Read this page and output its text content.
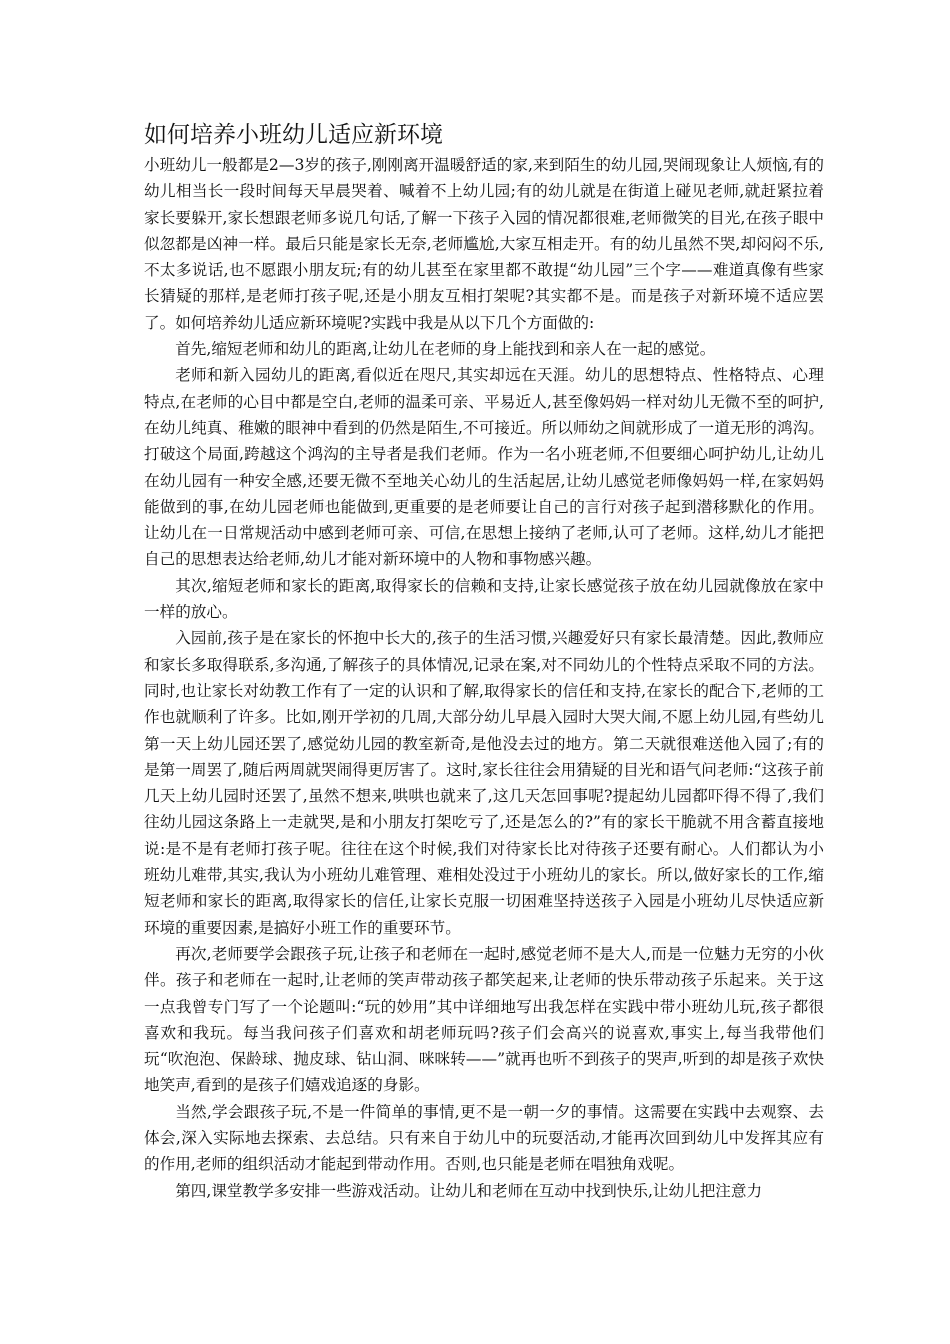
如何培养小班幼儿适应新环境

小班幼儿一般都是2—3岁的孩子,刚刚离开温暖舒适的家,来到陌生的幼儿园,哭闹现象让人烦恼,有的幼儿相当长一段时间每天早晨哭着、喊着不上幼儿园;有的幼儿就是在街道上碰见老师,就赶紧拉着家长要躲开,家长想跟老师多说几句话,了解一下孩子入园的情况都很难,老师微笑的目光,在孩子眼中似忽都是凶神一样。最后只能是家长无奈,老师尴尬,大家互相走开。有的幼儿虽然不哭,却闷闷不乐,不太多说话,也不愿跟小朋友玩;有的幼儿甚至在家里都不敢提“幼儿园”三个字——难道真像有些家长猜疑的那样,是老师打孩子呢,还是小朋友互相打架呢?其实都不是。而是孩子对新环境不适应罢了。如何培养幼儿适应新环境呢?实践中我是从以下几个方面做的:

首先,缩短老师和幼儿的距离,让幼儿在老师的身上能找到和亲人在一起的感觉。

老师和新入园幼儿的距离,看似近在咫尺,其实却远在天涯。幼儿的思想特点、性格特点、心理特点,在老师的心目中都是空白,老师的温柔可亲、平易近人,甚至像妈妈一样对幼儿无微不至的呵护,在幼儿纯真、稚嫩的眼神中看到的仍然是陌生,不可接近。所以师幼之间就形成了一道无形的鸿沟。打破这个局面,跨越这个鸿沟的主导者是我们老师。作为一名小班老师,不但要细心呵护幼儿,让幼儿在幼儿园有一种安全感,还要无微不至地关心幼儿的生活起居,让幼儿感觉老师像妈妈一样,在家妈妈能做到的事,在幼儿园老师也能做到,更重要的是老师要让自己的言行对孩子起到潜移默化的作用。让幼儿在一日常规活动中感到老师可亲、可信,在思想上接纳了老师,认可了老师。这样,幼儿才能把自己的思想表达给老师,幼儿才能对新环境中的人物和事物感兴趣。

其次,缩短老师和家长的距离,取得家长的信赖和支持,让家长感觉孩子放在幼儿园就像放在家中一样的放心。

入园前,孩子是在家长的怀抱中长大的,孩子的生活习惯,兴趣爱好只有家长最清楚。因此,教师应和家长多取得联系,多沟通,了解孩子的具体情况,记录在案,对不同幼儿的个性特点采取不同的方法。同时,也让家长对幼教工作有了一定的认识和了解,取得家长的信任和支持,在家长的配合下,老师的工作也就顺利了许多。比如,刚开学初的几周,大部分幼儿早晨入园时大哭大闹,不愿上幼儿园,有些幼儿第一天上幼儿园还罢了,感觉幼儿园的教室新奇,是他没去过的地方。第二天就很难送他入园了;有的是第一周罢了,随后两周就哭闹得更厉害了。这时,家长往往会用猜疑的目光和语气问老师:“这孩子前几天上幼儿园时还罢了,虽然不想来,哄哄也就来了,这几天怎回事呢?提起幼儿园都吓得不得了,我们往幼儿园这条路上一走就哭,是和小朋友打架吃亏了,还是怎么的?”有的家长干脆就不用含蓄直接地说:是不是有老师打孩子呢。往往在这个时候,我们对待家长比对待孩子还要有耐心。人们都认为小班幼儿难带,其实,我认为小班幼儿难管理、难相处没过于小班幼儿的家长。所以,做好家长的工作,缩短老师和家长的距离,取得家长的信任,让家长克服一切困难坚持送孩子入园是小班幼儿尽快适应新环境的重要因素,是搞好小班工作的重要环节。

再次,老师要学会跟孩子玩,让孩子和老师在一起时,感觉老师不是大人,而是一位魅力无穷的小伙伴。孩子和老师在一起时,让老师的笑声带动孩子都笑起来,让老师的快乐带动孩子乐起来。关于这一点我曾专门写了一个论题叫:“玩的妙用”其中详细地写出我怎样在实践中带小班幼儿玩,孩子都很喜欢和我玩。每当我问孩子们喜欢和胡老师玩吗?孩子们会高兴的说喜欢,事实上,每当我带他们玩“吹泡泡、保龄球、抛皮球、钻山洞、咪咪转——”就再也听不到孩子的哭声,听到的却是孩子欢快地笑声,看到的是孩子们嬉戏追逐的身影。

当然,学会跟孩子玩,不是一件简单的事情,更不是一朝一夕的事情。这需要在实践中去观察、去体会,深入实际地去探索、去总结。只有来自于幼儿中的玩耍活动,才能再次回到幼儿中发挥其应有的作用,老师的组织活动才能起到带动作用。否则,也只能是老师在唱独角戏呢。

第四,课堂教学多安排一些游戏活动。让幼儿和老师在互动中找到快乐,让幼儿把注意力
